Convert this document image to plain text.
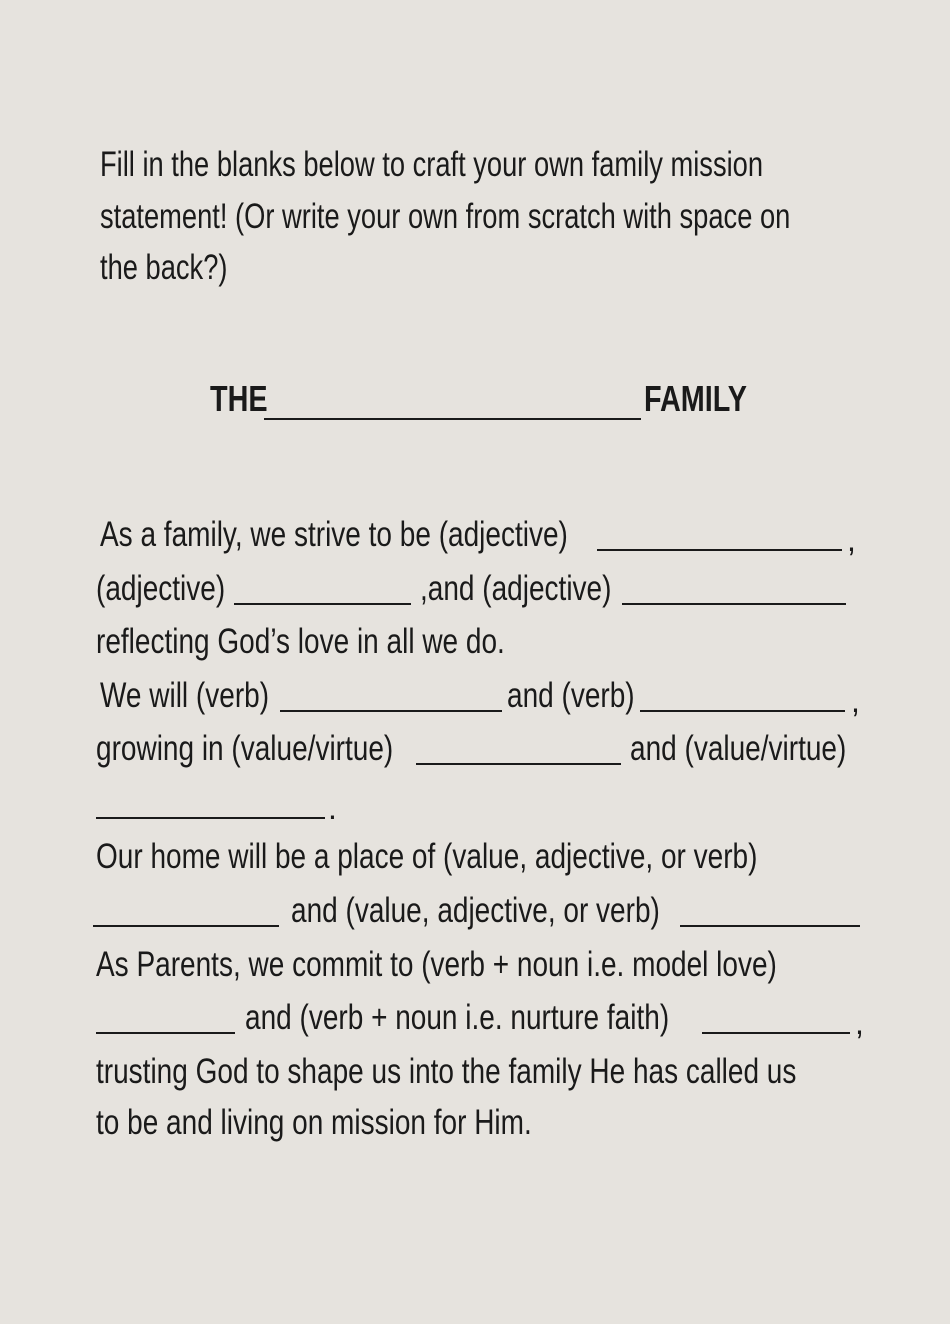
Fill in the blanks below to craft your own family mission
statement! (Or write your own from scratch with space on
the back?)
THE	FAMILY
As a family, we strive to be (adjective)	,
(adjective)	,and (adjective)
reflecting God’s love in all we do.
We will (verb)	and (verb)	,
growing in (value/virtue)	and (value/virtue)
.
Our home will be a place of (value, adjective, or verb)
and (value, adjective, or verb)
As Parents, we commit to (verb + noun i.e. model love)
and (verb + noun i.e. nurture faith)	,
trusting God to shape us into the family He has called us
to be and living on mission for Him.
